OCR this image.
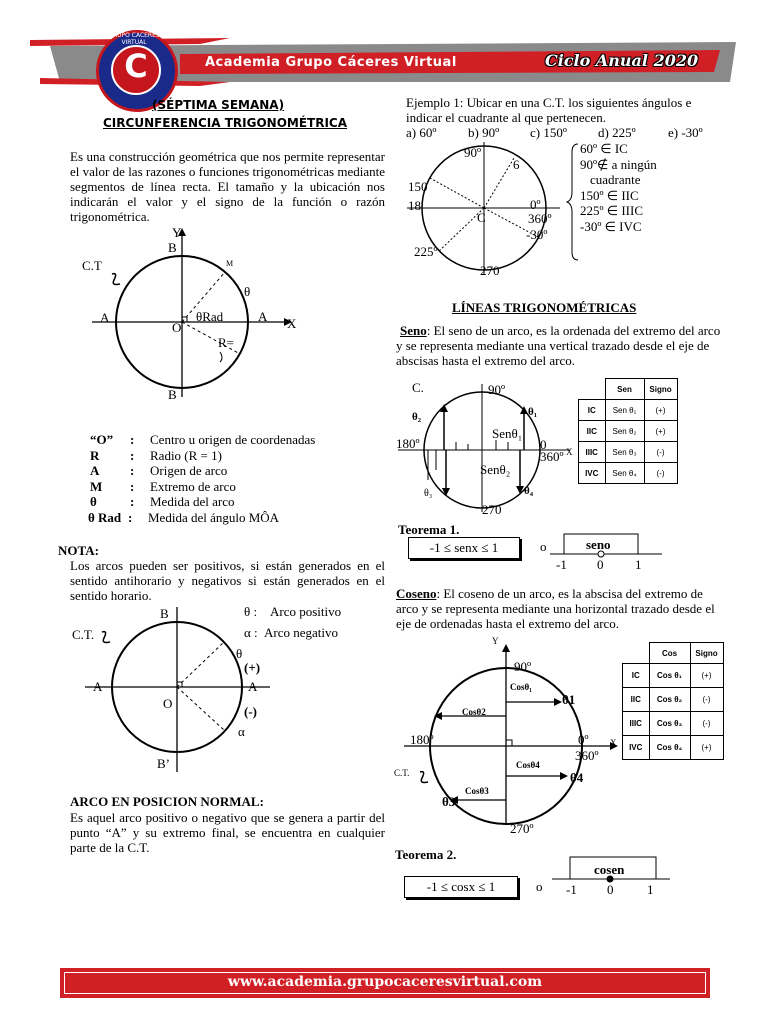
C
GRUPO CACERES VIRTUAL
Academia Grupo Cáceres Virtual	Ciclo Anual 2020
(SÉPTIMA SEMANA)
CIRCUNFERENCIA TRIGONOMÉTRICA
Es una construcción geométrica que nos permite representar el valor de las razones o funciones trigonométricas mediante segmentos de línea recta. El tamaño y la ubicación nos indicarán el valor y el signo de la función o razón trigonométrica.
Y
B
C.T	M
θ
A	A X
O
θRad
R=
B
“O”	:	Centro u origen de coordenadas
R	:	Radio (R = 1)
A	:	Origen de arco
M	:	Extremo de arco
θ	:	Medida del arco
θ Rad :	Medida del ángulo MÔA
NOTA:
Los arcos pueden ser positivos, si están generados en el sentido antihorario y negativos si están generados en el sentido horario.
B	θ : Arco positivo
α : Arco negativo
C.T.
θ
(+)
A	A
O
(-)
α
B’
ARCO EN POSICION NORMAL:
Es aquel arco positivo o negativo que se genera a partir del punto “A” y su extremo final, se encuentra en cualquier parte de la C.T.
Ejemplo 1: Ubicar en una C.T. los siguientes ángulos e indicar el cuadrante al que pertenecen.
a) 60º b) 90º c) 150º d) 225º e) -30º
90º
6
150
18	0º
C	360º
-30º
225º
270
60º ∈ IC
90º∉ a ningún
cuadrante
150º ∈ IIC
225º ∈ IIIC
-30º ∈ IVC
LÍNEAS TRIGONOMÉTRICAS
Seno: El seno de un arco, es la ordenada del extremo del arco y se representa mediante una vertical trazado desde el eje de abscisas hasta el extremo del arco.
C.	90º
θ₂	θ₁
Senθ₁
180º	0
360º X
Senθ₂
θ₃	θ₄
270
	Sen	Signo
IC	Sen θ₁	(+)
IIC	Sen θ₂	(+)
IIIC	Sen θ₃	(-)
IVC	Sen θ₄	(-)
Teorema 1.
-1 ≤ senx ≤ 1	o	seno
-1 0 1
Coseno: El coseno de un arco, es la abscisa del extremo de arco y se representa mediante una horizontal trazado desde el eje de ordenadas hasta el extremo del arco.
Y
90º
Cosθ₁
θ1
Cosθ2
180º	0º X
360º
Cosθ4
C.T.	θ4
Cosθ3
θ3
270º
	Cos	Signo
IC	Cos θ₁	(+)
IIC	Cos θ₂	(-)
IIIC	Cos θ₃	(-)
IVC	Cos θ₄	(+)
Teorema 2.
-1 ≤ cosx ≤ 1	o
cosen
-1 0	1
www.academia.grupocaceresvirtual.com
